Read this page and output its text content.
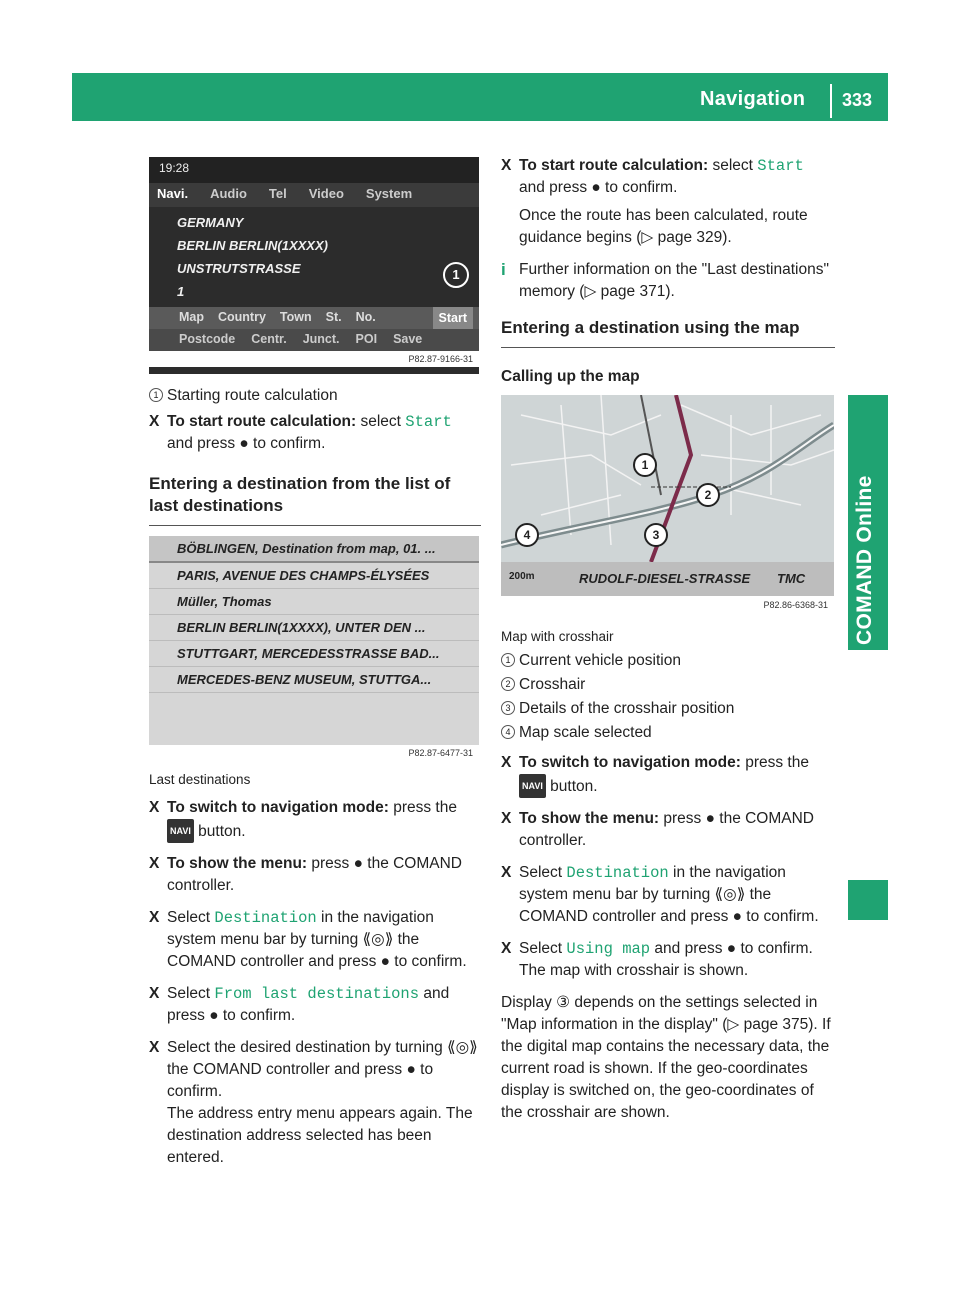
Navigation 333
COMAND Online
19:28
Navi. Audio Tel Video System
GERMANY
BERLIN BERLIN(1XXXX)
UNSTRUTSTRASSE
1
Map Country Town St. No.	Start
Postcode Centr. Junct. POI Save
P82.87-9166-31
1
1 Starting route calculation
X To start route calculation: select Start
and press ● to confirm.
Entering a destination from the list of last destinations
BÖBLINGEN, Destination from map, 01. ...
PARIS, AVENUE DES CHAMPS-ÉLYSÉES
Müller, Thomas
BERLIN BERLIN(1XXXX), UNTER DEN ...
STUTTGART, MERCEDESSTRASSE BAD...
MERCEDES-BENZ MUSEUM, STUTTGA...
P82.87-6477-31

Last destinations

X To switch to navigation mode: press the
NAVI button.
X To show the menu: press ● the COMAND controller.
X Select Destination in the navigation system menu bar by turning ⟪◎⟫ the COMAND controller and press ● to confirm.
X Select From last destinations and press ● to confirm.
X Select the desired destination by turning ⟪◎⟫ the COMAND controller and press ● to confirm.
The address entry menu appears again. The destination address selected has been entered.
X To start route calculation: select Start
and press ● to confirm.

Once the route has been calculated, route guidance begins (▷ page 329).

i Further information on the "Last destinations" memory (▷ page 371).
Entering a destination using the map
Calling up the map
1
2
3
4
200m	RUDOLF-DIESEL-STRASSE TMC
P82.86-6368-31

Map with crosshair

1 Current vehicle position
2 Crosshair
3 Details of the crosshair position
4 Map scale selected
X To switch to navigation mode: press the
NAVI button.
X To show the menu: press ● the COMAND controller.
X Select Destination in the navigation system menu bar by turning ⟪◎⟫ the COMAND controller and press ● to confirm.
X Select Using map and press ● to confirm.
The map with crosshair is shown.

Display ③ depends on the settings selected in "Map information in the display" (▷ page 375). If the digital map contains the necessary data, the current road is shown. If the geo-coordinates display is switched on, the geo-coordinates of the crosshair are shown.
